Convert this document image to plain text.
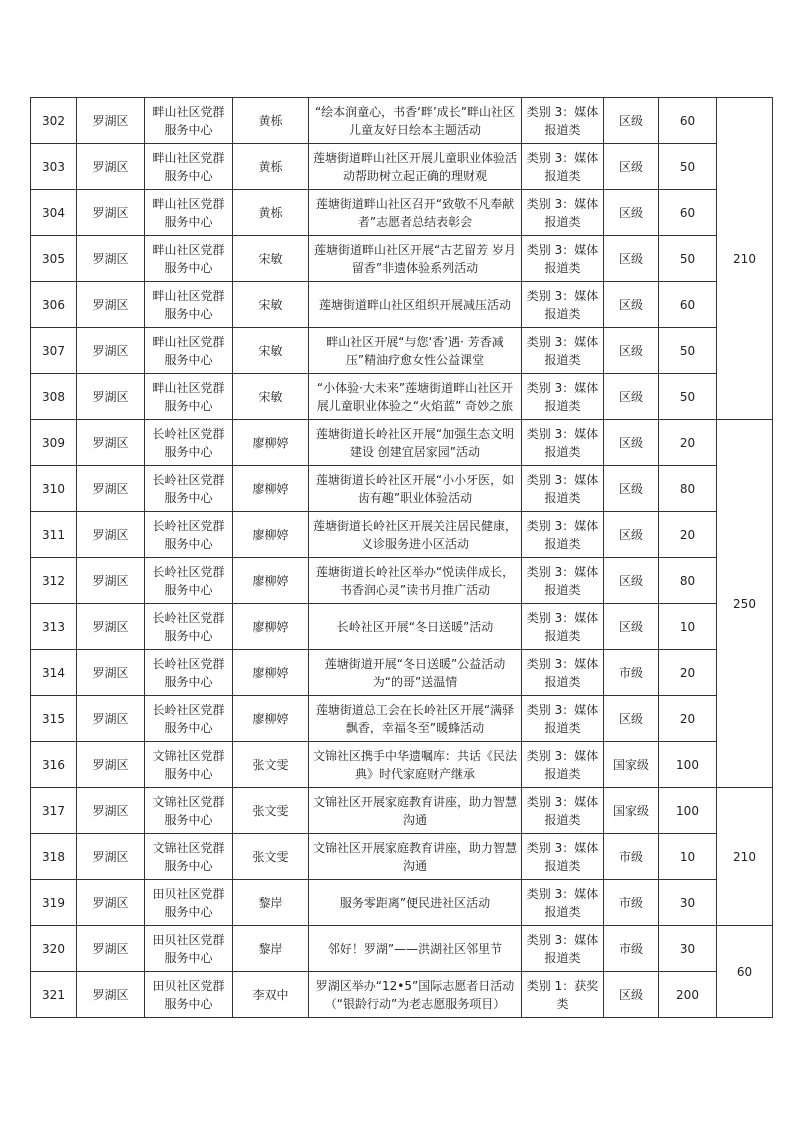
302	罗湖区	畔山社区党群服务中心	黄栎	“绘本润童心，书香‘畔’成长”畔山社区儿童友好日绘本主题活动	类别 3：媒体报道类	区级	60	210
303	罗湖区	畔山社区党群服务中心	黄栎	莲塘街道畔山社区开展儿童职业体验活动帮助树立起正确的理财观	类别 3：媒体报道类	区级	50	
304	罗湖区	畔山社区党群服务中心	黄栎	莲塘街道畔山社区召开“致敬不凡奉献者”志愿者总结表彰会	类别 3：媒体报道类	区级	60	
305	罗湖区	畔山社区党群服务中心	宋敏	莲塘街道畔山社区开展“古艺留芳 岁月留香”非遗体验系列活动	类别 3：媒体报道类	区级	50	
306	罗湖区	畔山社区党群服务中心	宋敏	莲塘街道畔山社区组织开展减压活动	类别 3：媒体报道类	区级	60	
307	罗湖区	畔山社区党群服务中心	宋敏	畔山社区开展“与您‘香’遇· 芳香减压”精油疗愈女性公益课堂	类别 3：媒体报道类	区级	50	
308	罗湖区	畔山社区党群服务中心	宋敏	“小体验·大未来”莲塘街道畔山社区开展儿童职业体验之“火焰蓝” 奇妙之旅	类别 3：媒体报道类	区级	50	
309	罗湖区	长岭社区党群服务中心	廖柳婷	莲塘街道长岭社区开展“加强生态文明建设 创建宜居家园”活动	类别 3：媒体报道类	区级	20	250
310	罗湖区	长岭社区党群服务中心	廖柳婷	莲塘街道长岭社区开展“小小牙医，如齿有趣”职业体验活动	类别 3：媒体报道类	区级	80	
311	罗湖区	长岭社区党群服务中心	廖柳婷	莲塘街道长岭社区开展关注居民健康，义诊服务进小区活动	类别 3：媒体报道类	区级	20	
312	罗湖区	长岭社区党群服务中心	廖柳婷	莲塘街道长岭社区举办“悦读伴成长，书香润心灵”读书月推广活动	类别 3：媒体报道类	区级	80	
313	罗湖区	长岭社区党群服务中心	廖柳婷	长岭社区开展“冬日送暖”活动	类别 3：媒体报道类	区级	10	
314	罗湖区	长岭社区党群服务中心	廖柳婷	莲塘街道开展“冬日送暖”公益活动 为“的哥”送温情	类别 3：媒体报道类	市级	20	
315	罗湖区	长岭社区党群服务中心	廖柳婷	莲塘街道总工会在长岭社区开展“满驿飘香，幸福冬至”暖蜂活动	类别 3：媒体报道类	区级	20	
316	罗湖区	文锦社区党群服务中心	张文雯	文锦社区携手中华遗嘱库：共话《民法典》时代家庭财产继承	类别 3：媒体报道类	国家级	100	
317	罗湖区	文锦社区党群服务中心	张文雯	文锦社区开展家庭教育讲座，助力智慧沟通	类别 3：媒体报道类	国家级	100	210
318	罗湖区	文锦社区党群服务中心	张文雯	文锦社区开展家庭教育讲座，助力智慧沟通	类别 3：媒体报道类	市级	10	
319	罗湖区	田贝社区党群服务中心	黎岸	服务零距离”便民进社区活动	类别 3：媒体报道类	市级	30	
320	罗湖区	田贝社区党群服务中心	黎岸	邻好！罗湖”——洪湖社区邻里节	类别 3：媒体报道类	市级	30	60
321	罗湖区	田贝社区党群服务中心	李双中	罗湖区举办“12•5”国际志愿者日活动（“银龄行动”为老志愿服务项目）	类别 1：获奖类	区级	200	
